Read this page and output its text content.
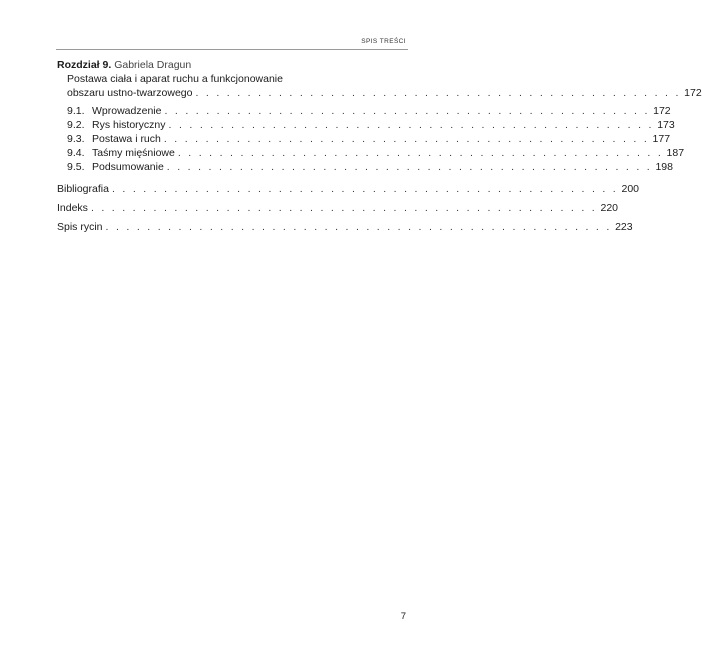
SPIS TREŚCI
Rozdział 9. Gabriela Dragun
Postawa ciała i aparat ruchu a funkcjonowanie
obszaru ustno-twarzowego . . . . . . . . . . . . . . . . . . . . . . . . . . . . . . . . . . . . . . . . . . . . . . . 172
9.1. Wprowadzenie . . . . . . . . . . . . . . . . . . . . . . . . . . . . . . . . . . . . . . . . . . . . . . . 172
9.2. Rys historyczny . . . . . . . . . . . . . . . . . . . . . . . . . . . . . . . . . . . . . . . . . . . . . . . 173
9.3. Postawa i ruch . . . . . . . . . . . . . . . . . . . . . . . . . . . . . . . . . . . . . . . . . . . . . . . 177
9.4. Taśmy mięśniowe . . . . . . . . . . . . . . . . . . . . . . . . . . . . . . . . . . . . . . . . . . . . . . . 187
9.5. Podsumowanie . . . . . . . . . . . . . . . . . . . . . . . . . . . . . . . . . . . . . . . . . . . . . . . 198
Bibliografia . . . . . . . . . . . . . . . . . . . . . . . . . . . . . . . . . . . . . . . . . . . . . . . . . 200
Indeks . . . . . . . . . . . . . . . . . . . . . . . . . . . . . . . . . . . . . . . . . . . . . . . . . 220
Spis rycin . . . . . . . . . . . . . . . . . . . . . . . . . . . . . . . . . . . . . . . . . . . . . . . . . 223
7
